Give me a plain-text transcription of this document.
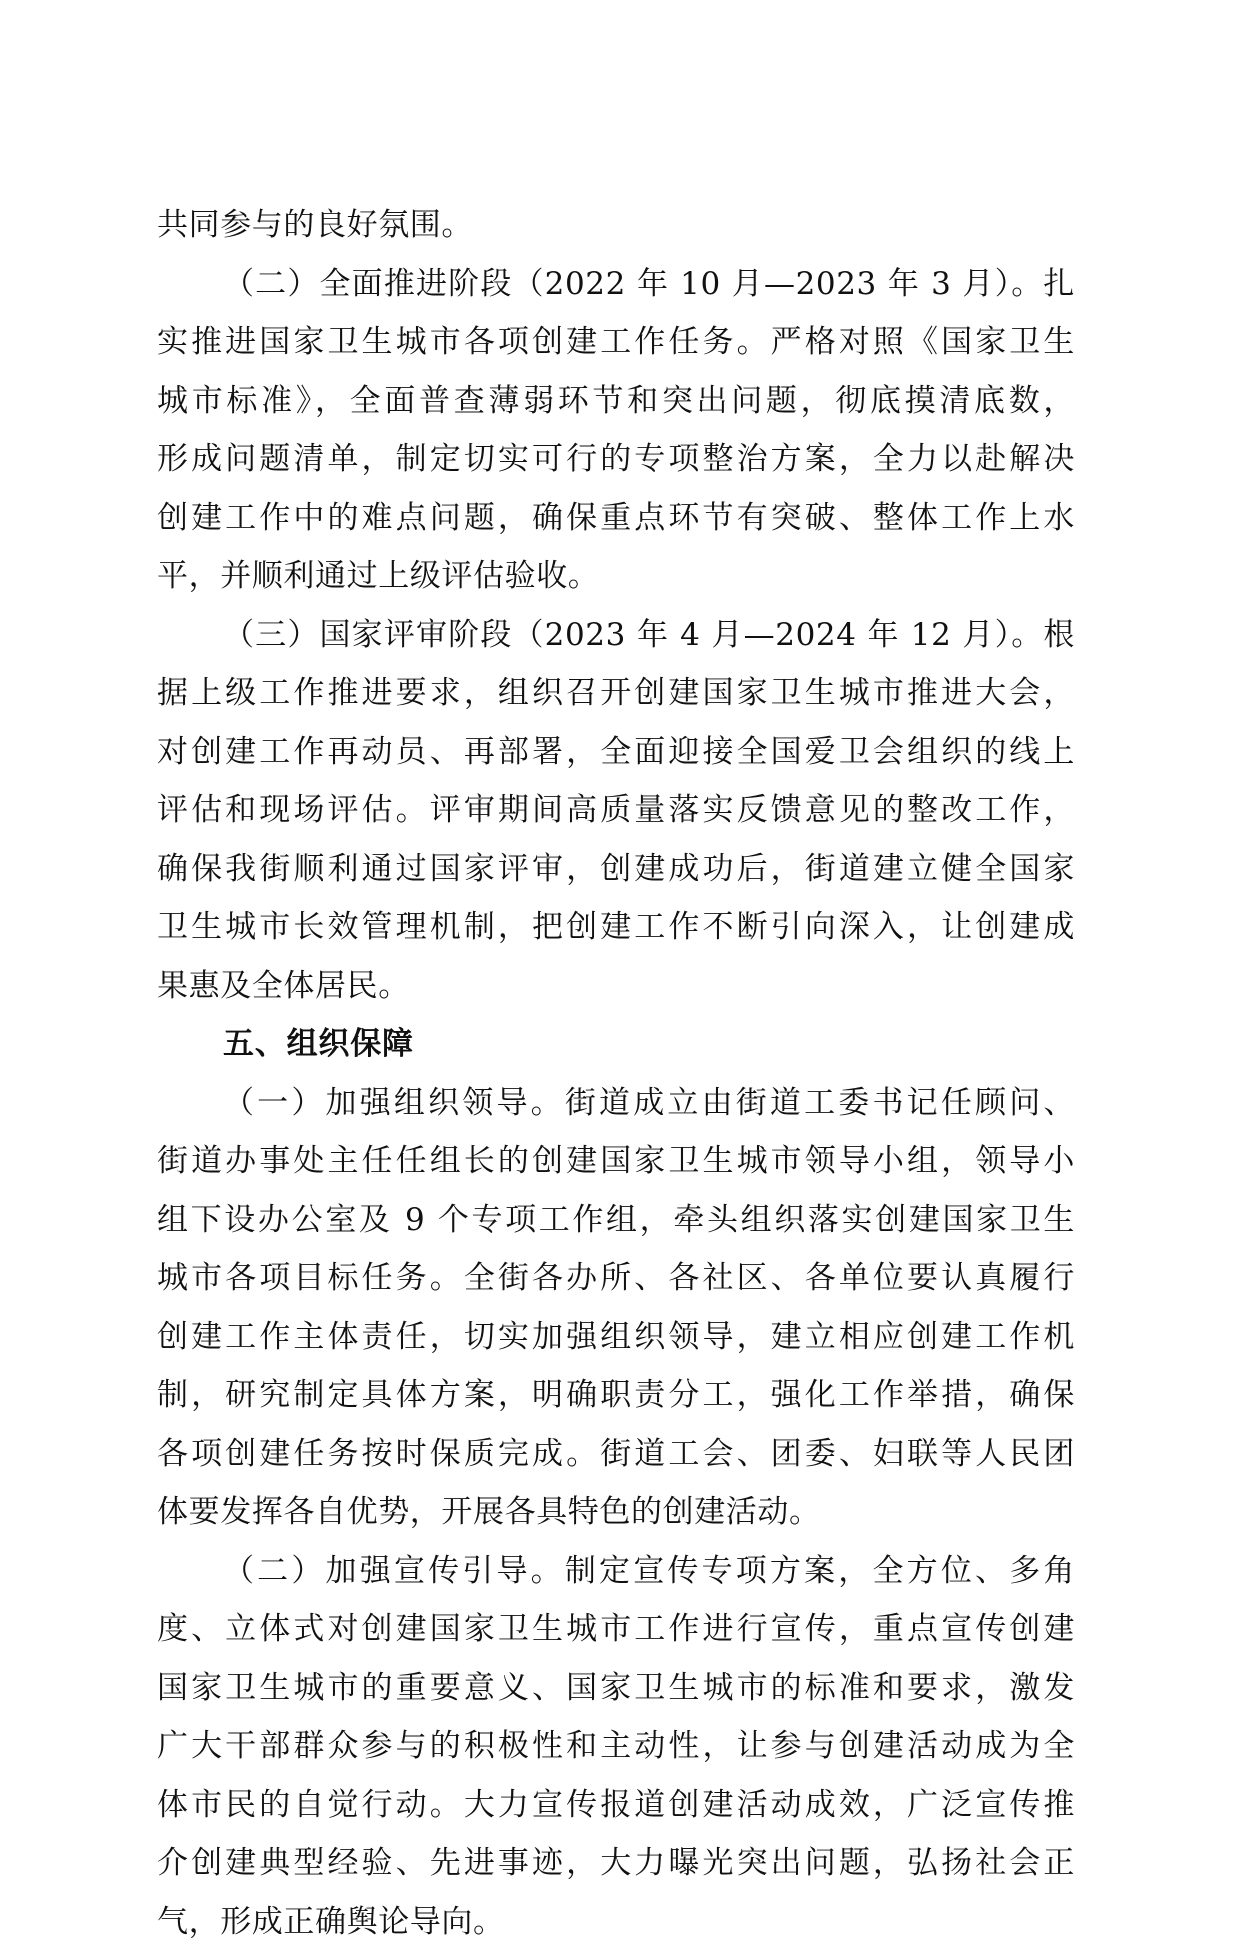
共同参与的良好氛围。
（二）全面推进阶段（2022 年 10 月—2023 年 3 月）。扎
实推进国家卫生城市各项创建工作任务。严格对照《国家卫生
城市标准》，全面普查薄弱环节和突出问题，彻底摸清底数，
形成问题清单，制定切实可行的专项整治方案，全力以赴解决
创建工作中的难点问题，确保重点环节有突破、整体工作上水
平，并顺利通过上级评估验收。
（三）国家评审阶段（2023 年 4 月—2024 年 12 月）。根
据上级工作推进要求，组织召开创建国家卫生城市推进大会，
对创建工作再动员、再部署，全面迎接全国爱卫会组织的线上
评估和现场评估。评审期间高质量落实反馈意见的整改工作，
确保我街顺利通过国家评审，创建成功后，街道建立健全国家
卫生城市长效管理机制，把创建工作不断引向深入，让创建成
果惠及全体居民。
五、组织保障
（一）加强组织领导。街道成立由街道工委书记任顾问、
街道办事处主任任组长的创建国家卫生城市领导小组，领导小
组下设办公室及 9 个专项工作组，牵头组织落实创建国家卫生
城市各项目标任务。全街各办所、各社区、各单位要认真履行
创建工作主体责任，切实加强组织领导，建立相应创建工作机
制，研究制定具体方案，明确职责分工，强化工作举措，确保
各项创建任务按时保质完成。街道工会、团委、妇联等人民团
体要发挥各自优势，开展各具特色的创建活动。
（二）加强宣传引导。制定宣传专项方案，全方位、多角
度、立体式对创建国家卫生城市工作进行宣传，重点宣传创建
国家卫生城市的重要意义、国家卫生城市的标准和要求，激发
广大干部群众参与的积极性和主动性，让参与创建活动成为全
体市民的自觉行动。大力宣传报道创建活动成效，广泛宣传推
介创建典型经验、先进事迹，大力曝光突出问题，弘扬社会正
气，形成正确舆论导向。
